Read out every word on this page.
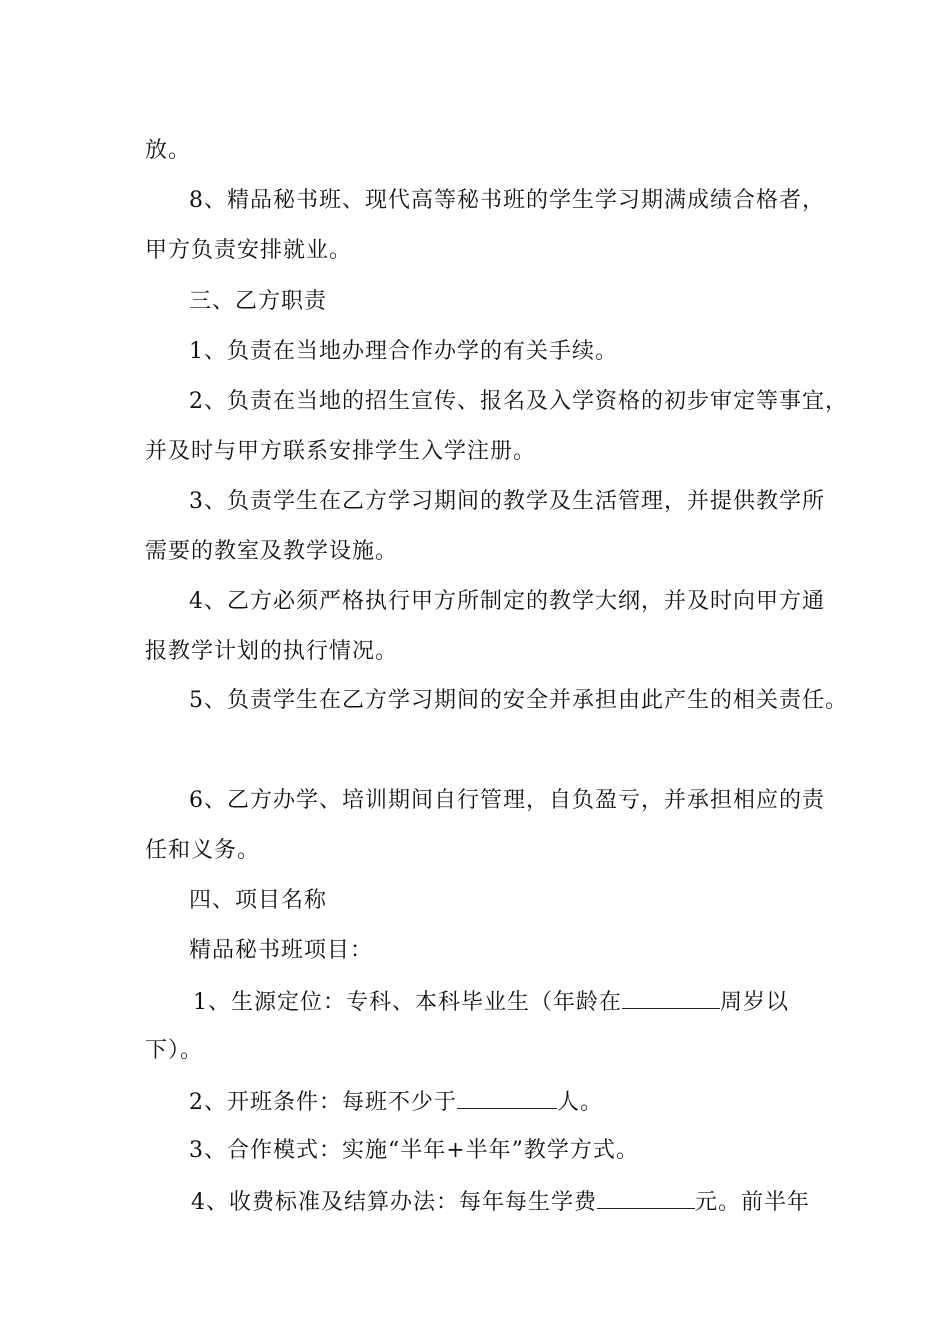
放。
8、精品秘书班、现代高等秘书班的学生学习期满成绩合格者，
甲方负责安排就业。
三、乙方职责
1、负责在当地办理合作办学的有关手续。
2、负责在当地的招生宣传、报名及入学资格的初步审定等事宜，
并及时与甲方联系安排学生入学注册。
3、负责学生在乙方学习期间的教学及生活管理，并提供教学所
需要的教室及教学设施。
4、乙方必须严格执行甲方所制定的教学大纲，并及时向甲方通
报教学计划的执行情况。
5、负责学生在乙方学习期间的安全并承担由此产生的相关责任。
6、乙方办学、培训期间自行管理，自负盈亏，并承担相应的责
任和义务。
四、项目名称
精品秘书班项目：
1、生源定位：专科、本科毕业生（年龄在	周岁以
下）。
2、开班条件：每班不少于	人。
3、合作模式：实施“半年+半年”教学方式。
4、收费标准及结算办法：每年每生学费	元。前半年
